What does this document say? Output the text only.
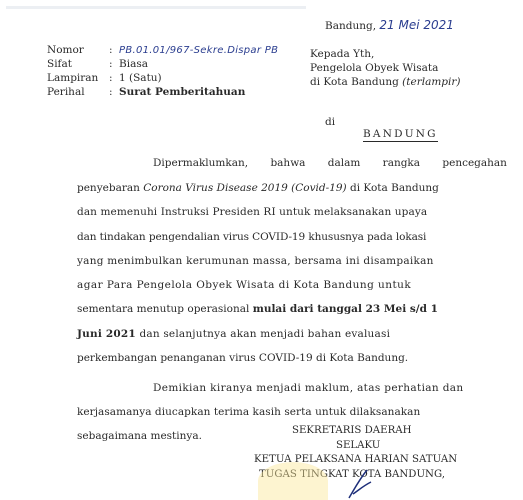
Bandung, 21 Mei 2021
Kepada Yth,
Pengelola Obyek Wisata
di Kota Bandung (terlampir)
Nomor : PB.01.01/967-Sekre.Dispar PB
Sifat	: Biasa
Lampiran : 1 (Satu)
Perihal : Surat Pemberitahuan
di
BANDUNG
Dipermaklumkan, bahwa dalam rangka pencegahan
penyebaran Corona Virus Disease 2019 (Covid-19) di Kota Bandung
dan memenuhi Instruksi Presiden RI untuk melaksanakan upaya
dan tindakan pengendalian virus COVID-19 khususnya pada lokasi
yang menimbulkan kerumunan massa, bersama ini disampaikan
agar Para Pengelola Obyek Wisata di Kota Bandung untuk
sementara menutup operasional mulai dari tanggal 23 Mei s/d 1
Juni 2021 dan selanjutnya akan menjadi bahan evaluasi
perkembangan penanganan virus COVID-19 di Kota Bandung.
Demikian kiranya menjadi maklum, atas perhatian dan
kerjasamanya diucapkan terima kasih serta untuk dilaksanakan
sebagaimana mestinya.	SEKRETARIS DAERAH
SELAKU
KETUA PELAKSANA HARIAN SATUAN
TUGAS TINGKAT KOTA BANDUNG,
